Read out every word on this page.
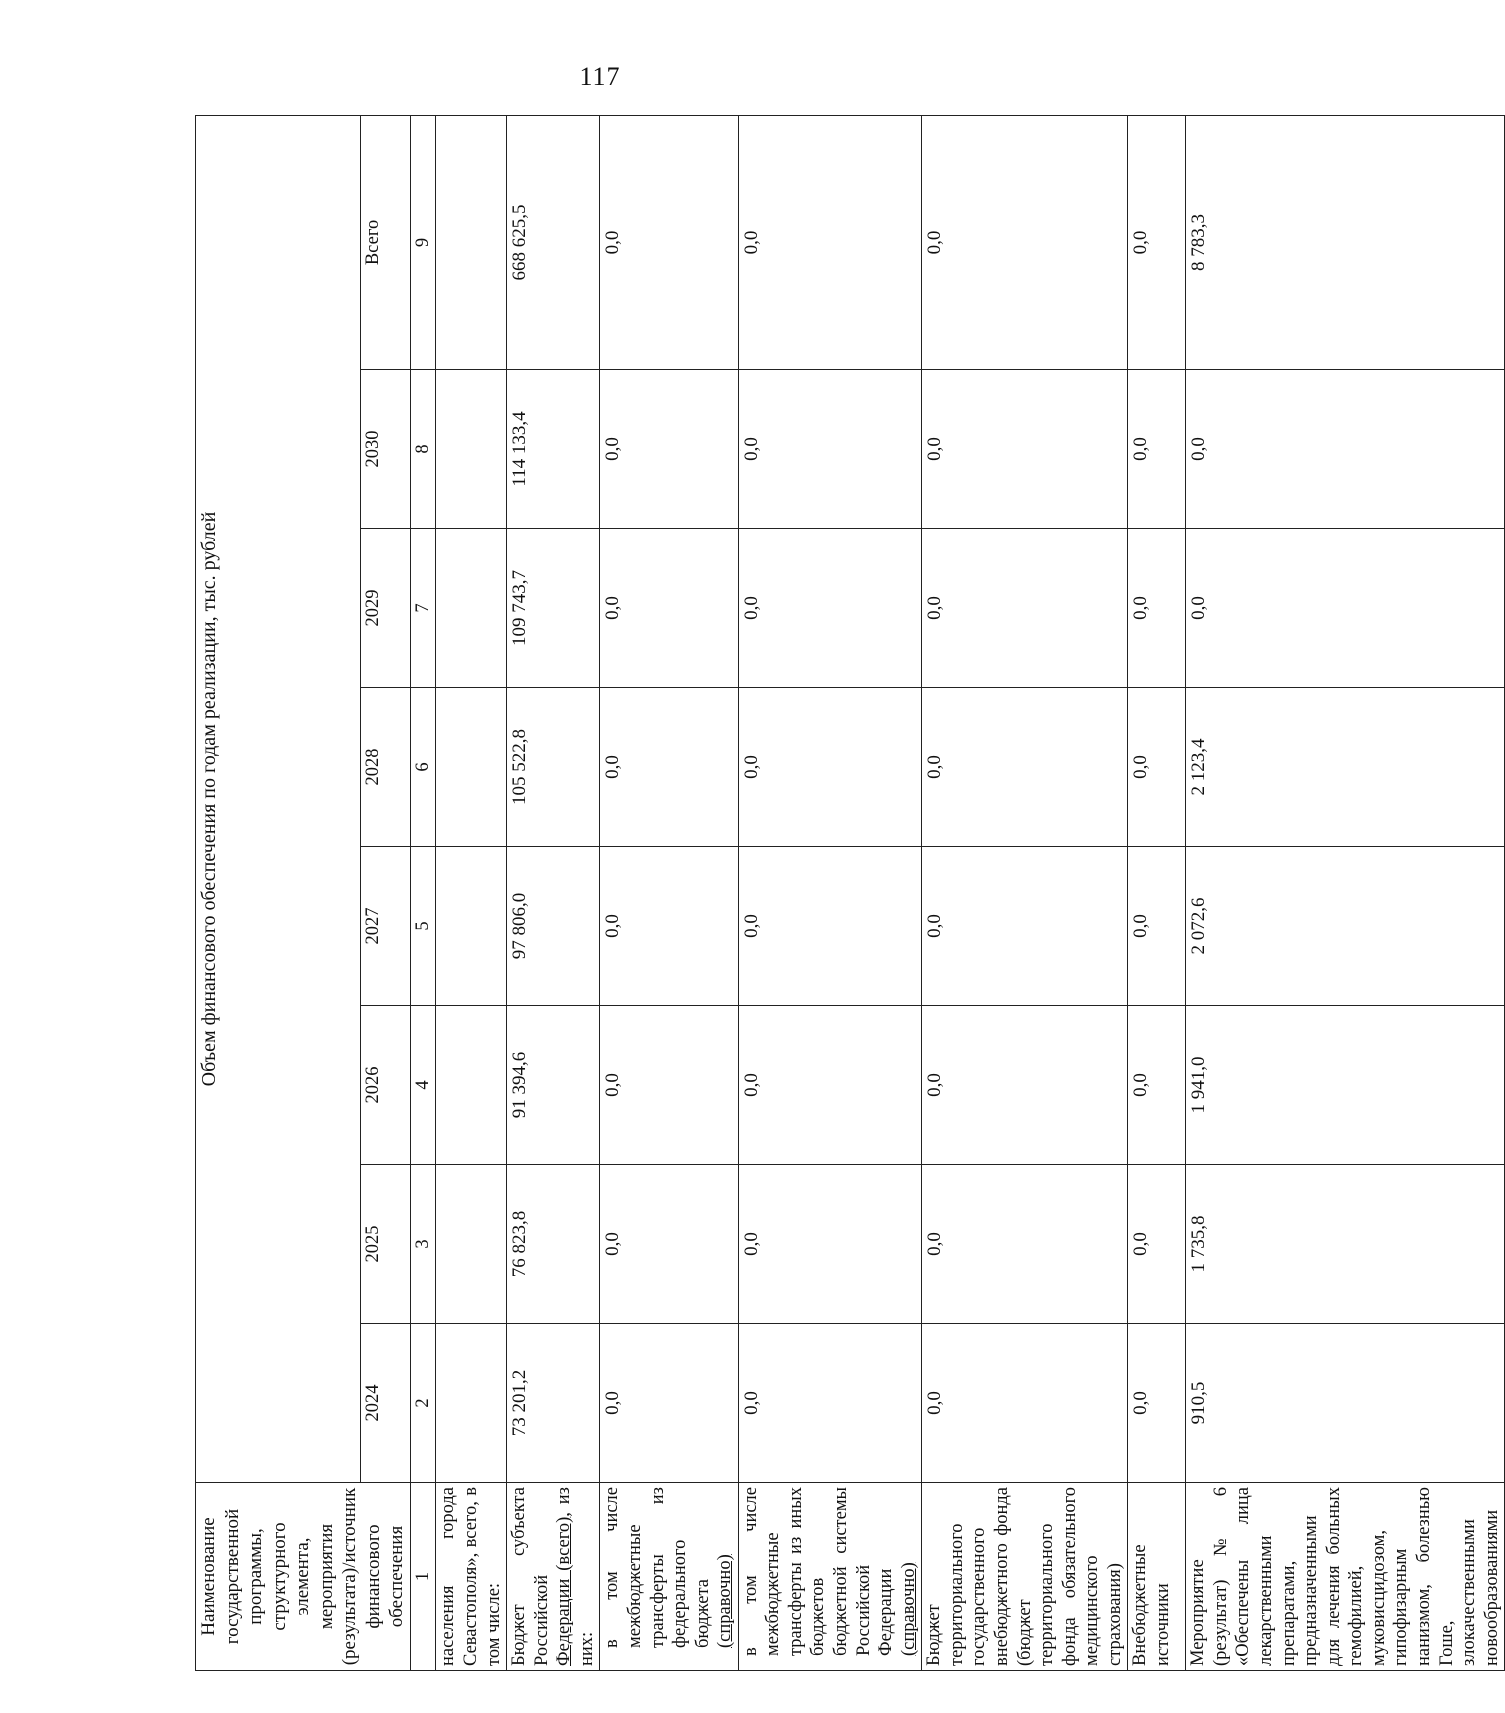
117
Наименование государственной программы, структурного элемента, мероприятия (результата)/источник финансового обеспечения	Объем финансового обеспечения по годам реализации, тыс. рублей							
	2024	2025	2026	2027	2028	2029	2030	Всего
1	2	3	4	5	6	7	8	9
населения города Севастополя», всего, в том числе:								
Бюджет субъекта Российской Федерации (всего), из них:	73 201,2	76 823,8	91 394,6	97 806,0	105 522,8	109 743,7	114 133,4	668 625,5
в том числе межбюджетные трансферты из федерального бюджета (справочно)	0,0	0,0	0,0	0,0	0,0	0,0	0,0	0,0
в том числе межбюджетные трансферты из иных бюджетов бюджетной системы Российской Федерации (справочно)	0,0	0,0	0,0	0,0	0,0	0,0	0,0	0,0
Бюджет территориального государственного внебюджетного фонда (бюджет территориального фонда обязательного медицинского страхования)	0,0	0,0	0,0	0,0	0,0	0,0	0,0	0,0
Внебюджетные источники	0,0	0,0	0,0	0,0	0,0	0,0	0,0	0,0
Мероприятие (результат) № 6 «Обеспечены лица лекарственными препаратами, предназначенными для лечения больных гемофилией, муковисцидозом, гипофизарным нанизмом, болезнью Гоше, злокачественными новообразованиями	910,5	1 735,8	1 941,0	2 072,6	2 123,4	0,0	0,0	8 783,3
